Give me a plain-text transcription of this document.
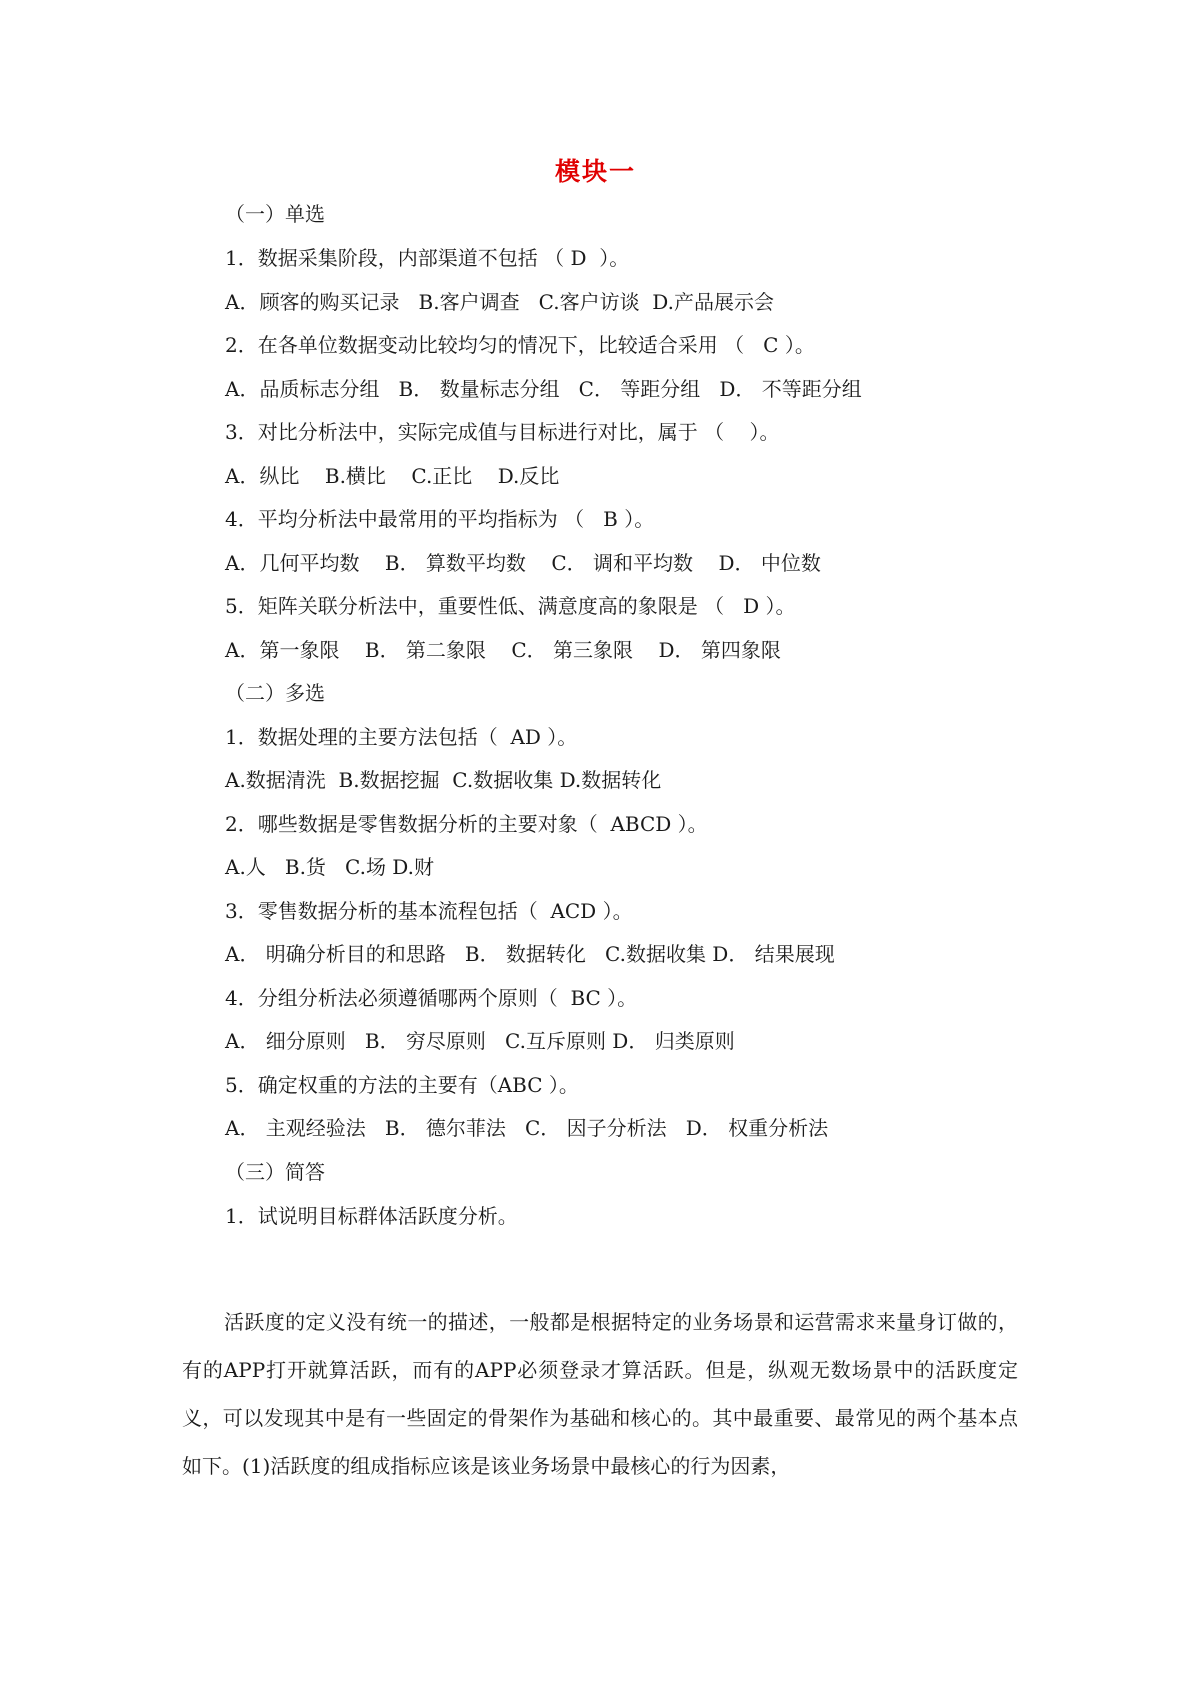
模块一
（一）单选
1．数据采集阶段，内部渠道不包括 （ D  ）。
A．顾客的购买记录   B.客户调查   C.客户访谈  D.产品展示会
2．在各单位数据变动比较均匀的情况下，比较适合采用 （   C ）。
A．品质标志分组   B． 数量标志分组   C． 等距分组   D． 不等距分组
3．对比分析法中，实际完成值与目标进行对比，属于 （    ）。
A．纵比    B.横比    C.正比    D.反比
4．平均分析法中最常用的平均指标为 （   B ）。
A．几何平均数    B． 算数平均数    C． 调和平均数    D． 中位数
5．矩阵关联分析法中，重要性低、满意度高的象限是 （   D ）。
A．第一象限    B． 第二象限    C． 第三象限    D． 第四象限
（二）多选
1．数据处理的主要方法包括（  AD ）。
A.数据清洗  B.数据挖掘  C.数据收集 D.数据转化
2．哪些数据是零售数据分析的主要对象（  ABCD ）。
A.人   B.货   C.场 D.财
3．零售数据分析的基本流程包括（  ACD ）。
A． 明确分析目的和思路   B． 数据转化   C.数据收集 D． 结果展现
4．分组分析法必须遵循哪两个原则（  BC ）。
A． 细分原则   B． 穷尽原则   C.互斥原则 D． 归类原则
5．确定权重的方法的主要有（ABC ）。
A． 主观经验法   B． 德尔菲法   C． 因子分析法   D． 权重分析法
（三）简答
1．试说明目标群体活跃度分析。

活跃度的定义没有统一的描述，一般都是根据特定的业务场景和运营需求来量身订做的，有的APP打开就算活跃，而有的APP必须登录才算活跃。但是，纵观无数场景中的活跃度定义，可以发现其中是有一些固定的骨架作为基础和核心的。其中最重要、最常见的两个基本点如下。(1)活跃度的组成指标应该是该业务场景中最核心的行为因素，
